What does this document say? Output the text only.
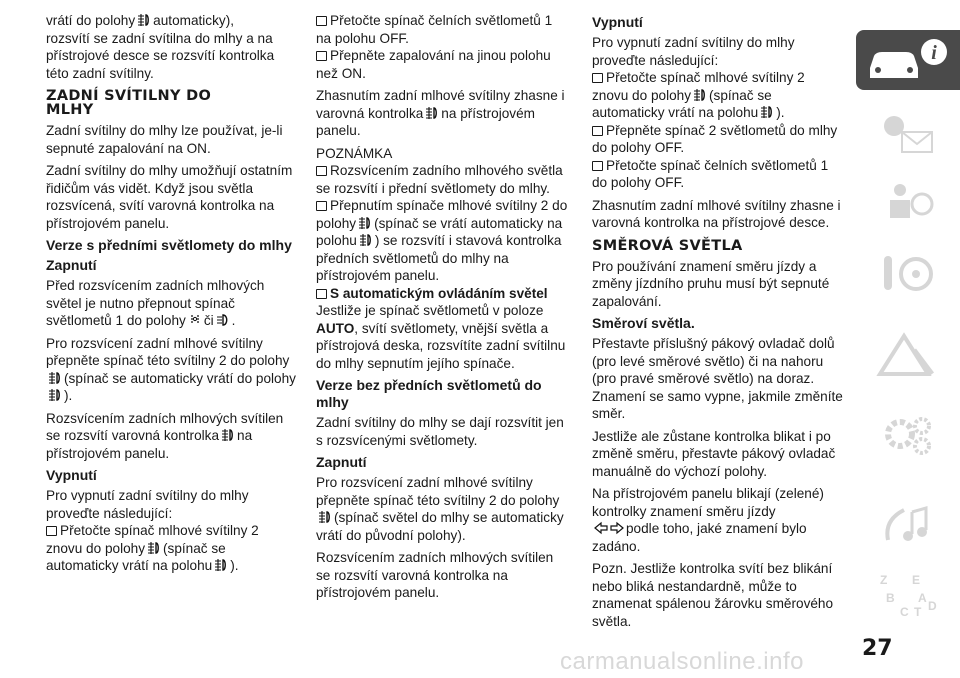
vrátí do polohy automaticky),
rozsvítí se zadní svítilna do mlhy a na přístrojové desce se rozsvítí kontrolka této zadní svítilny.

ZADNÍ SVÍTILNY DO
MLHY

Zadní svítilny do mlhy lze používat, je-li sepnuté zapalování na ON.

Zadní svítilny do mlhy umožňují ostatním řidičům vás vidět. Když jsou světla rozsvícená, svítí varovná kontrolka na přístrojovém panelu.

Verze s předními světlomety do mlhy
Zapnutí

Před rozsvícením zadních mlhových světel je nutno přepnout spínač světlometů 1 do polohy či .

Pro rozsvícení zadní mlhové svítilny přepněte spínač této svítilny 2 do polohy(spínač se automaticky vrátí do polohy).

Rozsvícením zadních mlhových svítilen se rozsvítí varovná kontrolka na přístrojovém panelu.

Vypnutí

Pro vypnutí zadní svítilny do mlhy proveďte následující:

Přetočte spínač mlhové svítilny 2 znovu do polohy (spínač se automaticky vrátí na polohu ).

Přetočte spínač čelních světlometů 1 na polohu OFF.

Přepněte zapalování na jinou polohu než ON.

Zhasnutím zadní mlhové svítilny zhasne i varovná kontrolka na přístrojovém panelu.

POZNÁMKA

Rozsvícením zadního mlhového světla se rozsvítí i přední světlomety do mlhy.

Přepnutím spínače mlhové svítilny 2 do polohy (spínač se vrátí automaticky na polohu ) se rozsvítí i stavová kontrolka předních světlometů do mlhy na přístrojovém panelu.

S automatickým ovládáním světel

Jestliže je spínač světlometů v poloze
AUTO, svítí světlomety, vnější světla a přístrojová deska, rozsvítíte zadní svítilnu do mlhy sepnutím jejího spínače.

Verze bez předních světlometů do mlhy

Zadní svítilny do mlhy se dají rozsvítit jen s rozsvícenými světlomety.

Zapnutí

Pro rozsvícení zadní mlhové svítilny přepněte spínač této svítilny 2 do polohy(spínač světel do mlhy se automaticky vrátí do původní polohy).

Rozsvícením zadních mlhových svítilen se rozsvítí varovná kontrolka na přístrojovém panelu.

Vypnutí

Pro vypnutí zadní svítilny do mlhy proveďte následující:

Přetočte spínač mlhové svítilny 2 znovu do polohy (spínač se automaticky vrátí na polohu ).

Přepněte spínač 2 světlometů do mlhy do polohy OFF.

Přetočte spínač čelních světlometů 1 do polohy OFF.

Zhasnutím zadní mlhové svítilny zhasne i varovná kontrolka na přístrojové desce.

SMĚROVÁ SVĚTLA

Pro používání znamení směru jízdy a změny jízdního pruhu musí být sepnuté zapalování.

Směroví světla.

Přestavte příslušný pákový ovladač dolů (pro levé směrové světlo) či na nahoru (pro pravé směrové světlo) na doraz. Znamení se samo vypne, jakmile změníte směr.

Jestliže ale zůstane kontrolka blikat i po změně směru, přestavte pákový ovladač manuálně do výchozí polohy.

Na přístrojovém panelu blikají (zelené) kontrolky znamení směru jízdy
podle toho, jaké znamení bylo zadáno.

Pozn. Jestliže kontrolka svítí bez blikání nebo bliká nestandardně, může to znamenat spálenou žárovku směrového světla.

i
Z E
B A
C T D
carmanualsonline.info	27
